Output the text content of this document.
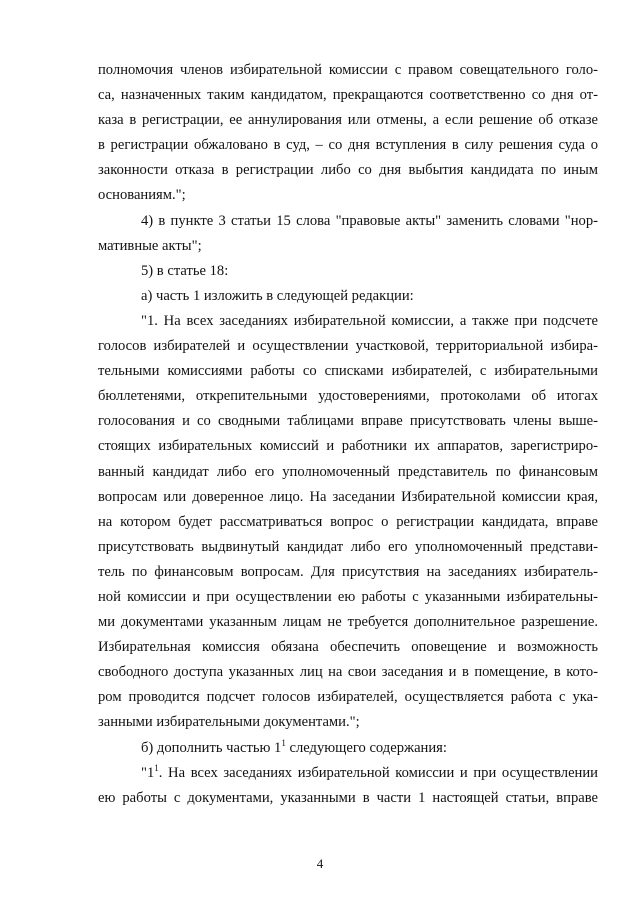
полномочия членов избирательной комиссии с правом совещательного голо-
са, назначенных таким кандидатом, прекращаются соответственно со дня от-
каза в регистрации, ее аннулирования или отмены, а если решение об отказе
в регистрации обжаловано в суд, – со дня вступления в силу решения суда о
законности отказа в регистрации либо со дня выбытия кандидата по иным
основаниям.";
4) в пункте 3 статьи 15 слова "правовые акты" заменить словами "нор-
мативные акты";
5) в статье 18:
а) часть 1 изложить в следующей редакции:
"1. На всех заседаниях избирательной комиссии, а также при подсчете
голосов избирателей и осуществлении участковой, территориальной избира-
тельными комиссиями работы со списками избирателей, с избирательными
бюллетенями, открепительными удостоверениями, протоколами об итогах
голосования и со сводными таблицами вправе присутствовать члены выше-
стоящих избирательных комиссий и работники их аппаратов, зарегистриро-
ванный кандидат либо его уполномоченный представитель по финансовым
вопросам или доверенное лицо. На заседании Избирательной комиссии края,
на котором будет рассматриваться вопрос о регистрации кандидата, вправе
присутствовать выдвинутый кандидат либо его уполномоченный представи-
тель по финансовым вопросам. Для присутствия на заседаниях избиратель-
ной комиссии и при осуществлении ею работы с указанными избирательны-
ми документами указанным лицам не требуется дополнительное разрешение.
Избирательная комиссия обязана обеспечить оповещение и возможность
свободного доступа указанных лиц на свои заседания и в помещение, в кото-
ром проводится подсчет голосов избирателей, осуществляется работа с ука-
занными избирательными документами.";
б) дополнить частью $1^1$ следующего содержания:
"$1^1$. На всех заседаниях избирательной комиссии и при осуществлении
ею работы с документами, указанными в части 1 настоящей статьи, вправе
4
